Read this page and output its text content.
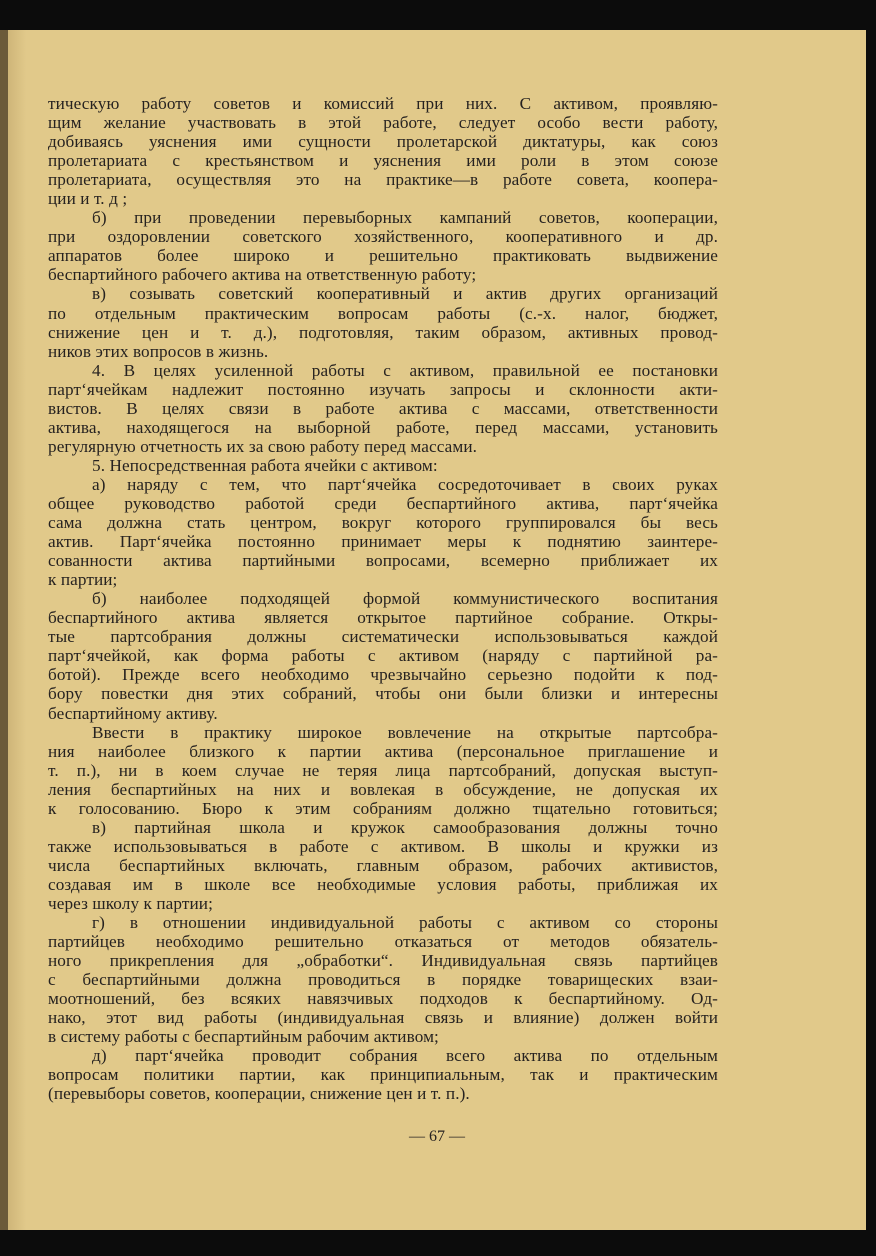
тическую работу советов и комиссий при них. С активом, проявляю-
щим желание участвовать в этой работе, следует особо вести работу,
добиваясь уяснения ими сущности пролетарской диктатуры, как союз
пролетариата с крестьянством и уяснения ими роли в этом союзе
пролетариата, осуществляя это на практике—в работе совета, коопера-
ции и т. д ;
б) при проведении перевыборных кампаний советов, кооперации,
при оздоровлении советского хозяйственного, кооперативного и др.
аппаратов более широко и решительно практиковать выдвижение
беспартийного рабочего актива на ответственную работу;
в) созывать советский кооперативный и актив других организаций
по отдельным практическим вопросам работы (с.-х. налог, бюджет,
снижение цен и т. д.), подготовляя, таким образом, активных провод-
ников этих вопросов в жизнь.
4. В целях усиленной работы с активом, правильной ее постановки
парт‘ячейкам надлежит постоянно изучать запросы и склонности акти-
вистов. В целях связи в работе актива с массами, ответственности
актива, находящегося на выборной работе, перед массами, установить
регулярную отчетность их за свою работу перед массами.
5. Непосредственная работа ячейки с активом:
а) наряду с тем, что парт‘ячейка сосредоточивает в своих руках
общее руководство работой среди беспартийного актива, парт‘ячейка
сама должна стать центром, вокруг которого группировался бы весь
актив. Парт‘ячейка постоянно принимает меры к поднятию заинтере-
сованности актива партийными вопросами, всемерно приближает их
к партии;
б) наиболее подходящей формой коммунистического воспитания
беспартийного актива является открытое партийное собрание. Откры-
тые партсобрания должны систематически использовываться каждой
парт‘ячейкой, как форма работы с активом (наряду с партийной ра-
ботой). Прежде всего необходимо чрезвычайно серьезно подойти к под-
бору повестки дня этих собраний, чтобы они были близки и интересны
беспартийному активу.
Ввести в практику широкое вовлечение на открытые партсобра-
ния наиболее близкого к партии актива (персональное приглашение и
т. п.), ни в коем случае не теряя лица партсобраний, допуская выступ-
ления беспартийных на них и вовлекая в обсуждение, не допуская их
к голосованию. Бюро к этим собраниям должно тщательно готовиться;
в) партийная школа и кружок самообразования должны точно
также использовываться в работе с активом. В школы и кружки из
числа беспартийных включать, главным образом, рабочих активистов,
создавая им в школе все необходимые условия работы, приближая их
через школу к партии;
г) в отношении индивидуальной работы с активом со стороны
партийцев необходимо решительно отказаться от методов обязатель-
ного прикрепления для „обработки“. Индивидуальная связь партийцев
с беспартийными должна проводиться в порядке товарищеских взаи-
моотношений, без всяких навязчивых подходов к беспартийному. Од-
нако, этот вид работы (индивидуальная связь и влияние) должен войти
в систему работы с беспартийным рабочим активом;
д) парт‘ячейка проводит собрания всего актива по отдельным
вопросам политики партии, как принципиальным, так и практическим
(перевыборы советов, кооперации, снижение цен и т. п.).
— 67 —
